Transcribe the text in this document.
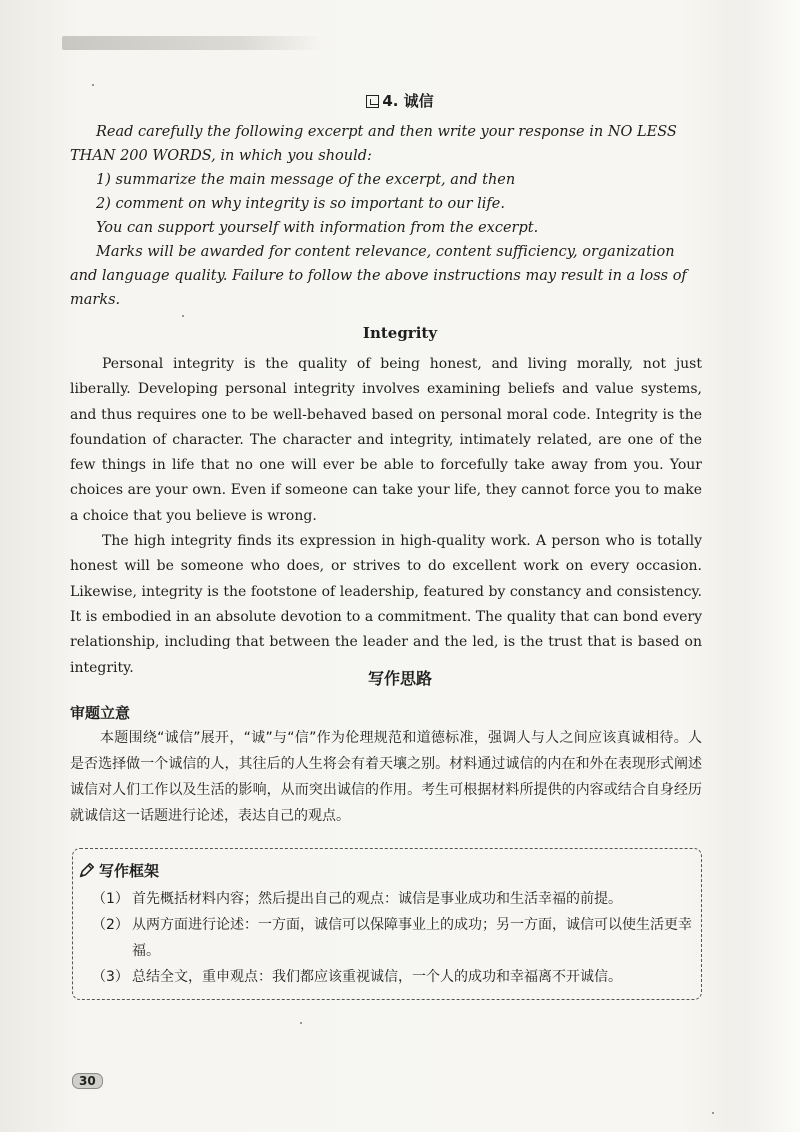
4. 诚信

Read carefully the following excerpt and then write your response in NO LESS THAN 200 WORDS, in which you should:

1) summarize the main message of the excerpt, and then

2) comment on why integrity is so important to our life.

You can support yourself with information from the excerpt.

Marks will be awarded for content relevance, content sufficiency, organization and language quality. Failure to follow the above instructions may result in a loss of marks.

Integrity

Personal integrity is the quality of being honest, and living morally, not just liberally. Developing personal integrity involves examining beliefs and value systems, and thus requires one to be well-behaved based on personal moral code. Integrity is the foundation of character. The character and integrity, intimately related, are one of the few things in life that no one will ever be able to forcefully take away from you. Your choices are your own. Even if someone can take your life, they cannot force you to make a choice that you believe is wrong.

The high integrity finds its expression in high-quality work. A person who is totally honest will be someone who does, or strives to do excellent work on every occasion. Likewise, integrity is the footstone of leadership, featured by constancy and consistency. It is embodied in an absolute devotion to a commitment. The quality that can bond every relationship, including that between the leader and the led, is the trust that is based on integrity.

写作思路
审题立意

本题围绕“诚信”展开，“诚”与“信”作为伦理规范和道德标准，强调人与人之间应该真诚相待。人是否选择做一个诚信的人，其往后的人生将会有着天壤之别。材料通过诚信的内在和外在表现形式阐述诚信对人们工作以及生活的影响，从而突出诚信的作用。考生可根据材料所提供的内容或结合自身经历就诚信这一话题进行论述，表达自己的观点。

写作框架
（1） 首先概括材料内容；然后提出自己的观点：诚信是事业成功和生活幸福的前提。
（2） 从两方面进行论述：一方面，诚信可以保障事业上的成功；另一方面，诚信可以使生活更幸福。
（3） 总结全文，重申观点：我们都应该重视诚信，一个人的成功和幸福离不开诚信。
30
